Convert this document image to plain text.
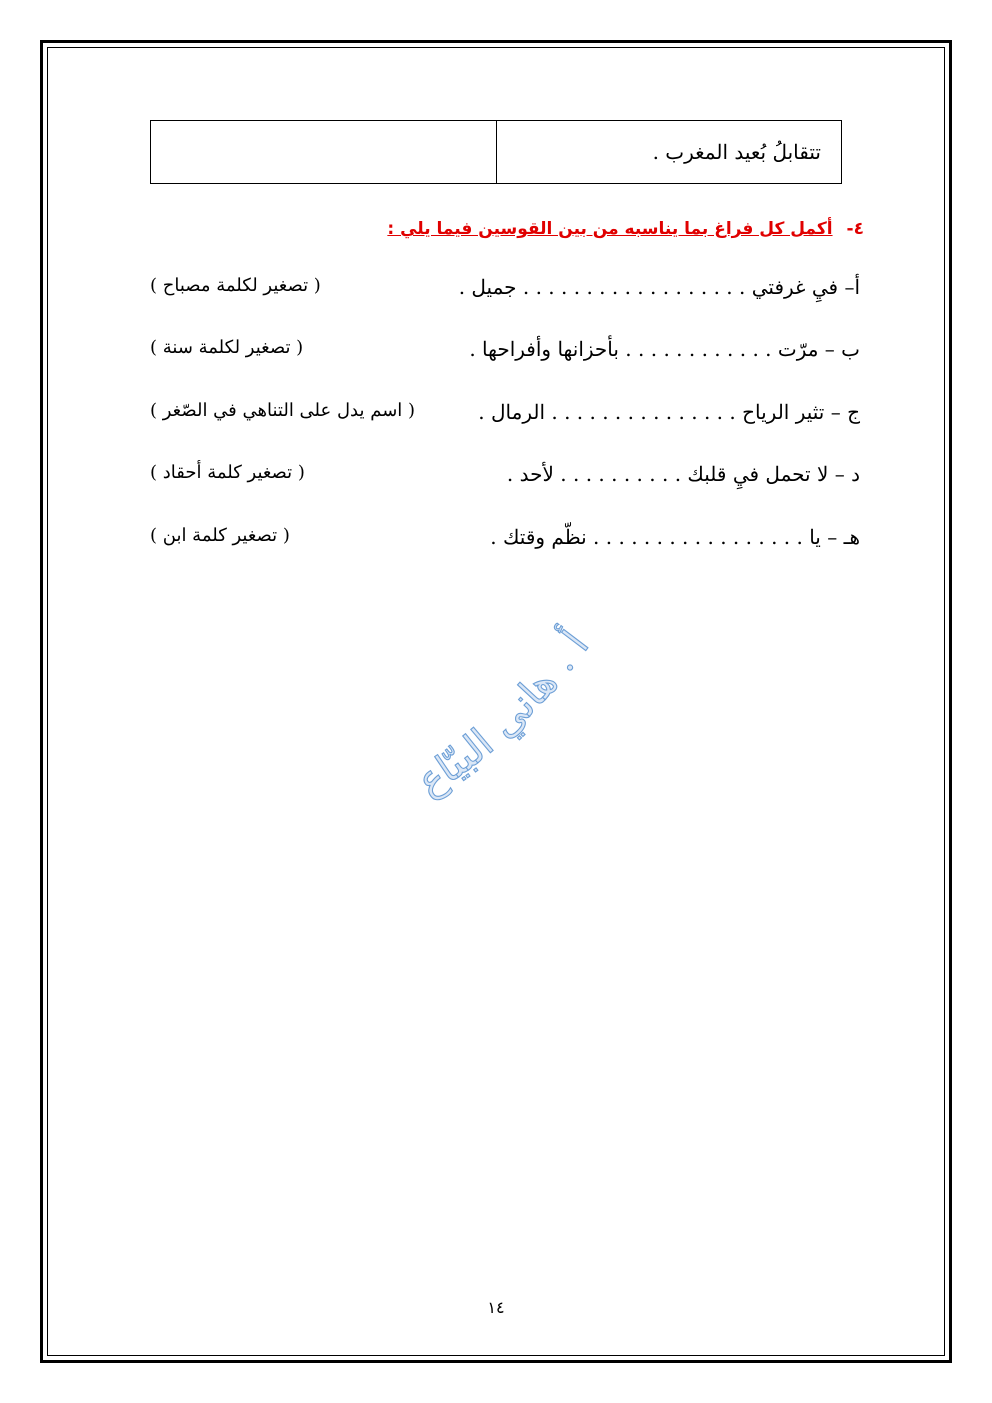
تتقابلُ بُعيد المغرب .
٤-
أكمل كل فراغ بما يناسبه من بين القوسين فيما يلي :
أ– فيِ غرفتي . . . . . . . . . . . . . . . . . . جميل .
( تصغير لكلمة مصباح )
ب – مرّت . . . . . . . . . . . . بأحزانها وأفراحها .
( تصغير لكلمة سنة )
ج – تثير الرياح . . . . . . . . . . . . . . . الرمال .
( اسم يدل على التناهي في الصّغر )
د – لا تحمل فيِ قلبك . . . . . . . . . . لأحد .
( تصغير كلمة أحقاد )
هـ – يا . . . . . . . . . . . . . . . . . نظّم وقتك .
( تصغير كلمة ابن )
أ . هاني البيّاع
١٤
